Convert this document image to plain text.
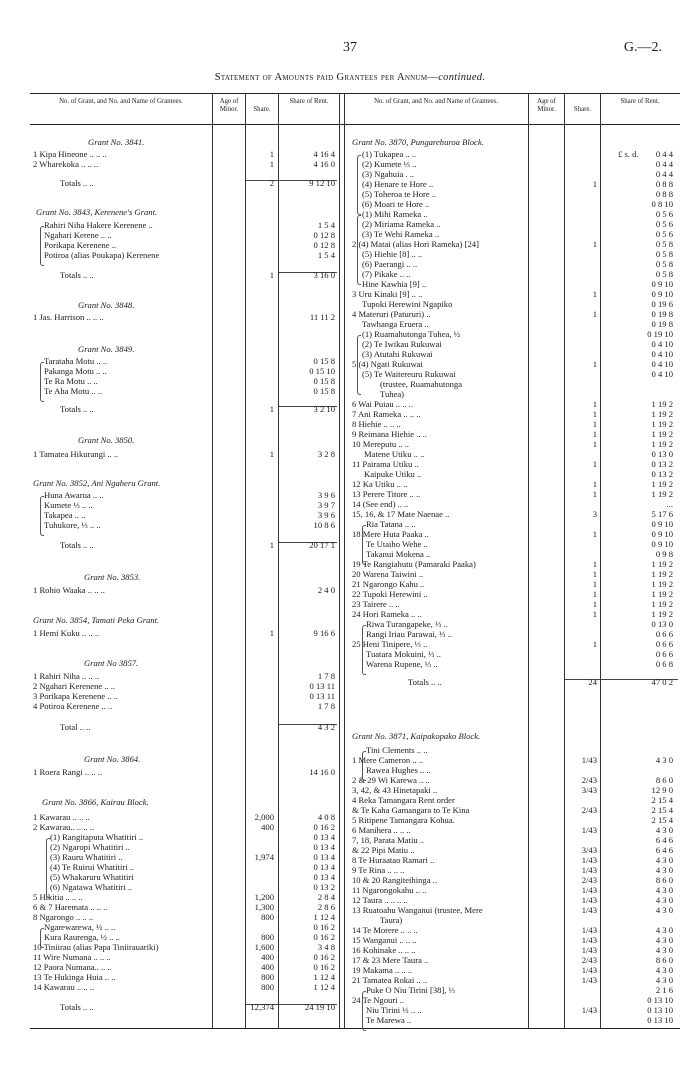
37	G.—2.
Statement of Amounts paid Grantees per Annum—continued.
No. of Grant, and No. and Name of Grantees.	Age of Minor.	Share.
Share of Rent.	No. of Grant, and No. and Name of Grantees.	Age of Minor.	Share.
Share of Rent.
Grant No. 3841.
1 Kipa Hineone .. .. ..	1	4 16 4
2 Wharekoka .. .. ..	1	4 16 0
Totals .. ..	2	9 12 10
Grant No. 3843, Kerenene's Grant.
Rahiri Niha Hakere Kerenene ..	1 5 4
Ngahari Kerene .. ..	0 12 8
Porikapa Kerenene ..	0 12 8
Potiroa (alias Poukapa) Kerenene	1 5 4
Totals .. ..	1	3 16 0
Grant No. 3848.
1 Jas. Harrison .. .. ..	11 11 2
Grant No. 3849.
Tarataha Motu .. ..	0 15 8
Pakanga Motu .. ..	0 15 10
Te Ra Motu .. ..	0 15 8
Te Aha Motu .. ..	0 15 8
Totals .. ..	1	3 2 10
Grant No. 3850.
1 Tamatea Hikurangi .. ..	1	3 2 8
Grant No. 3852, Ani Ngaheru Grant.
Huna Awarua .. ..	3 9 6
Kumete ⅓ .. ..	3 9 7
Takapea .. ..	3 9 6
Tuhukore, ⅓ .. ..	10 8 6
Totals .. ..	1	20 17 1
Grant No. 3853.
1 Rohio Waaka .. .. ..	2 4 0
Grant No. 3854, Tamati Peka Grant.
1 Hemi Kuku .. .. ..	1	9 16 6
Grant No 3857.
1 Rahiri Niha .. .. ..	1 7 8
2 Ngahari Kerenene .. ..	0 13 11
3 Porikapa Kerenene .. ..	0 13 11
4 Potiroa Kerenene .. ..	1 7 8
Total .. ..	4 3 2
Grant No. 3864.
1 Roera Rangi .. .. ..	14 16 0
Grant No. 3866, Kairau Block.
1 Kawarau .. .. ..	2,000	4 0 8
2 Kawarau.. .. .. ..	400	0 16 2
(1) Rangitaputa Whatitiri ..	0 13 4
(2) Ngaropi Whatitiri ..	0 13 4
(3) Rauru Whatitiri ..	1,974	0 13 4
(4) Te Ruirui Whatitiri ..	0 13 4
(5) Whakaruru Whatitiri	0 13 4
(6) Ngatawa Whatitiri ..	0 13 2
5 Hikitia .. .. ..	1,200	2 8 4
6 & 7 Haremata .. .. ..	1,300	2 8 6
8 Ngarongo .. .. ..	800	1 12 4
Ngarewarewa, ½ .. ..	0 16 2
Kura Raurenga, ½ .. ..	800	0 16 2
10 Tiniirau (alias Papa Tiniirauariki)	1,600	3 4 8
11 Wire Numana .. .. ..	400	0 16 2
12 Paora Numana.. .. ..	400	0 16 2
13 Te Hukinga Huia .. ..	800	1 12 4
14 Kawarau .. .. ..	800	1 12 4
Totals .. ..	12,374	24 19 10
Grant No. 3870, Pungarehuroa Block.
£ s. d.
(1) Tukapea .. ..	0 4 4
(2) Kumete ⅓ ..	0 4 4
(3) Ngahuia . ..	0 4 4
(4) Henare te Hore ..	1	0 8 8
(5) Toheroa te Hore ..	0 8 8
(6) Moari te Hore ..	0 8 10
(1) Mihi Rameka ..	0 5 6
(2) Miriama Rameka ..	0 5 6
(3) Te Wehi Rameka ..	0 5 6
2 (4) Matai (alias Hori Rameka) [24]	1	0 5 8
(5) Hiehie [8] .. ..	0 5 8
(6) Paerangi .. ..	0 5 8
(7) Pikake .. ..	0 5 8
Hine Kawhia [9] ..	0 9 10
3 Uru Kinaki [9] .. ..	1	0 9 10
Tupoki Herewini Ngapiko	0 19 6
4 Materuri (Patururi) ..	1	0 19 8
Tawhanga Eruera ..	0 19 8
(1) Ruamahutonga Tuhea, ½	0 19 10
(2) Te Iwikau Rukuwai	0 4 10
(3) Atutahi Rukuwai	0 4 10
5 (4) Ngati Rukuwai	1	0 4 10
(5) Te Waitereuru Rukuwai	0 4 10
(trustee, Ruamahutonga
Tuhea)
6 Wai Puiau .. .. ..	1	1 19 2
7 Ani Rameka .. .. ..	1	1 19 2
8 Hiehie .. .. ..	1	1 19 2
9 Reimana Hiehie .. ..	1	1 19 2
10 Mereputu .. ..	1	1 19 2
Matene Utiku .. ..	0 13 0
11 Pairama Utiku ..	1	0 13 2
Kaipuke Utiku ..	0 13 2
12 Ka Utiku .. ..	1	1 19 2
13 Perere Titore .. ..	1	1 19 2
14 (See end) .. ..	...
15, 16, & 17 Mate Naenae ..	3	5 17 6
Ria Tatana .. ..	0 9 10
18 Mere Huta Paaka ..	1	0 9 10
Te Utaiho Wehe ..	0 9 10
Takanui Mokena ..	0 9 8
19 Te Rangiahutu (Pamaraki Paaka)	1	1 19 2
20 Warena Taiwini ..	1	1 19 2
21 Ngarongo Kahu ..	1	1 19 2
22 Tupoki Herewini ..	1	1 19 2
23 Tairere .. ..	1	1 19 2
24 Hori Rameka .. ..	1	1 19 2
Riwa Turangapeke, ⅓ ..	0 13 0
Rangi Iriau Parawai, ⅓ ..	0 6 6
25 Heni Tinipere, ⅓ ..	1	0 6 6
Tuatara Mokuini, ⅓ ..	0 6 6
Warena Rupene, ⅓ ..	0 6 8
Totals .. ..	24	47 0 2
Grant No. 3871, Kaipakopako Block.
Tini Clements .. ..
1 Mere Cameron .. ..	1/43	4 3 0
Rawea Hughes .. ..
2 & 29 Wi Karewa .. ..	2/43	8 6 0
3, 42, & 43 Hinetapaki ..	3/43	12 9 0
4 Reka Tamangara Rent order	2 15 4
& Te Kaha Gamangara to Te Kina	2/43	2 15 4
5 Ritipene Tamangara Kohua.	2 15 4
6 Manihera .. .. ..	1/43	4 3 0
7, 18, Parata Matiu ..	6 4 6
& 22 Pipi Matiu ..	3/43	6 4 6
8 Te Huraatao Ramari ..	1/43	4 3 0
9 Te Rina .. .. ..	1/43	4 3 0
10 & 20 Rangiteihinga ..	2/43	8 6 0
11 Ngarongokahu .. ..	1/43	4 3 0
12 Taura .. .. .. ..	1/43	4 3 0
13 Ruatoahu Wanganui (trustee, Mere	1/43	4 3 0
Taura)
14 Te Morere .. .. ..	1/43	4 3 0
15 Wanganui .. .. ..	1/43	4 3 0
16 Kohinake .. .. ..	1/43	4 3 0
17 & 23 Mere Taura ..	2/43	8 6 0
19 Makama .. .. ..	1/43	4 3 0
21 Tamatea Rokai .. ..	1/43	4 3 0
Puke O Niu Tirini [38], ⅓	2 1 6
24 Te Ngouri ..	0 13 10
Niu Tirini ⅓ .. ..	1/43	0 13 10
Te Marewa ..	0 13 10
